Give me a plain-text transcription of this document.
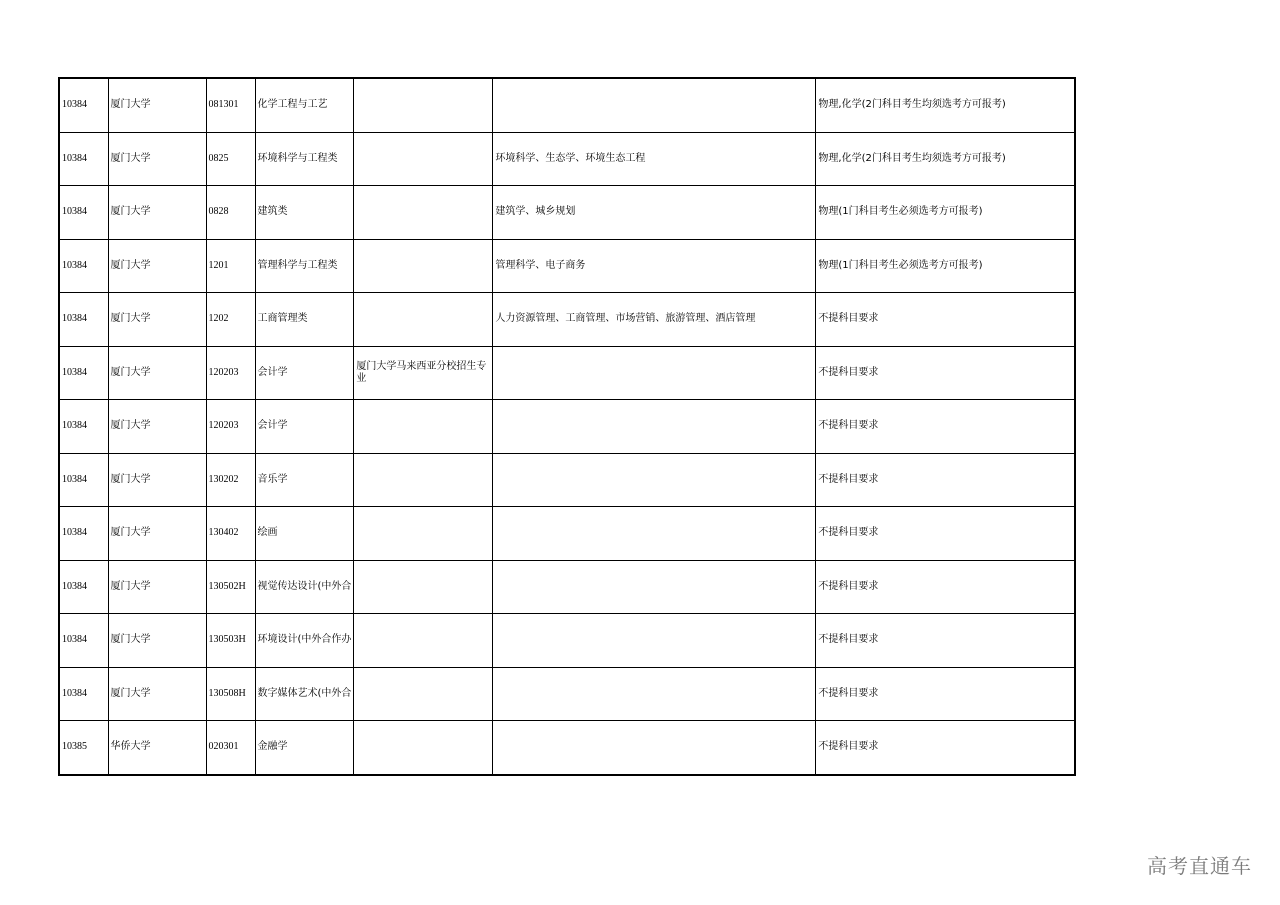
10384	厦门大学	081301	化学工程与工艺			物理,化学(2门科目考生均须选考方可报考)
10384	厦门大学	0825	环境科学与工程类		环境科学、生态学、环境生态工程	物理,化学(2门科目考生均须选考方可报考)
10384	厦门大学	0828	建筑类		建筑学、城乡规划	物理(1门科目考生必须选考方可报考)
10384	厦门大学	1201	管理科学与工程类		管理科学、电子商务	物理(1门科目考生必须选考方可报考)
10384	厦门大学	1202	工商管理类		人力资源管理、工商管理、市场营销、旅游管理、酒店管理	不提科目要求
10384	厦门大学	120203	会计学	厦门大学马来西亚分校招生专业		不提科目要求
10384	厦门大学	120203	会计学			不提科目要求
10384	厦门大学	130202	音乐学			不提科目要求
10384	厦门大学	130402	绘画			不提科目要求
10384	厦门大学	130502H	视觉传达设计(中外合			不提科目要求
10384	厦门大学	130503H	环境设计(中外合作办			不提科目要求
10384	厦门大学	130508H	数字媒体艺术(中外合			不提科目要求
10385	华侨大学	020301	金融学			不提科目要求
高考直通车
